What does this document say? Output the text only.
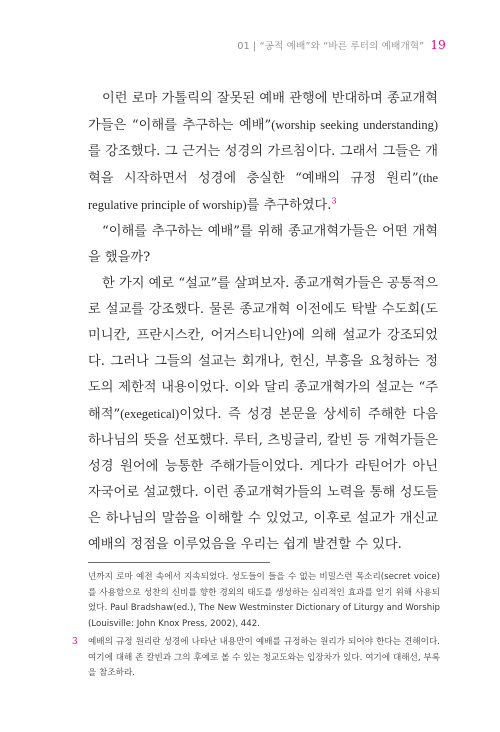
01 | “공적 예배”와 “바른 루터의 예배개혁” 19

이런 로마 가톨릭의 잘못된 예배 관행에 반대하며 종교개혁가들은 “이해를 추구하는 예배”(worship seeking understanding)를 강조했다. 그 근거는 성경의 가르침이다. 그래서 그들은 개혁을 시작하면서 성경에 충실한 “예배의 규정 원리”(the regulative principle of worship)를 추구하였다.$^3$

“이해를 추구하는 예배”를 위해 종교개혁가들은 어떤 개혁을 했을까?

한 가지 예로 “설교”를 살펴보자. 종교개혁가들은 공통적으로 설교를 강조했다. 물론 종교개혁 이전에도 탁발 수도회(도미니칸, 프란시스칸, 어거스티니안)에 의해 설교가 강조되었다. 그러나 그들의 설교는 회개나, 헌신, 부흥을 요청하는 정도의 제한적 내용이었다. 이와 달리 종교개혁가의 설교는 “주해적”(exegetical)이었다. 즉 성경 본문을 상세히 주해한 다음 하나님의 뜻을 선포했다. 루터, 츠빙글리, 칼빈 등 개혁가들은 성경 원어에 능통한 주해가들이었다. 게다가 라틴어가 아닌 자국어로 설교했다. 이런 종교개혁가들의 노력을 통해 성도들은 하나님의 말씀을 이해할 수 있었고, 이후로 설교가 개신교 예배의 정점을 이루었음을 우리는 쉽게 발견할 수 있다.

넌까지 로마 예전 속에서 지속되었다. 성도들이 들을 수 없는 비밀스런 목소리(secret voice)를 사용함으로 성찬의 신비를 향한 경외의 태도를 생성하는 심리적인 효과를 얻기 위해 사용되었다. Paul Bradshaw(ed.), The New Westminster Dictionary of Liturgy and Worship (Louisville: John Knox Press, 2002), 442.
3 예배의 규정 원리란 성경에 나타난 내용만이 예배를 규정하는 원리가 되어야 한다는 견해이다. 여기에 대해 존 칼빈과 그의 후예로 볼 수 있는 청교도와는 입장차가 있다. 여기에 대해선, 부록을 참조하라.
